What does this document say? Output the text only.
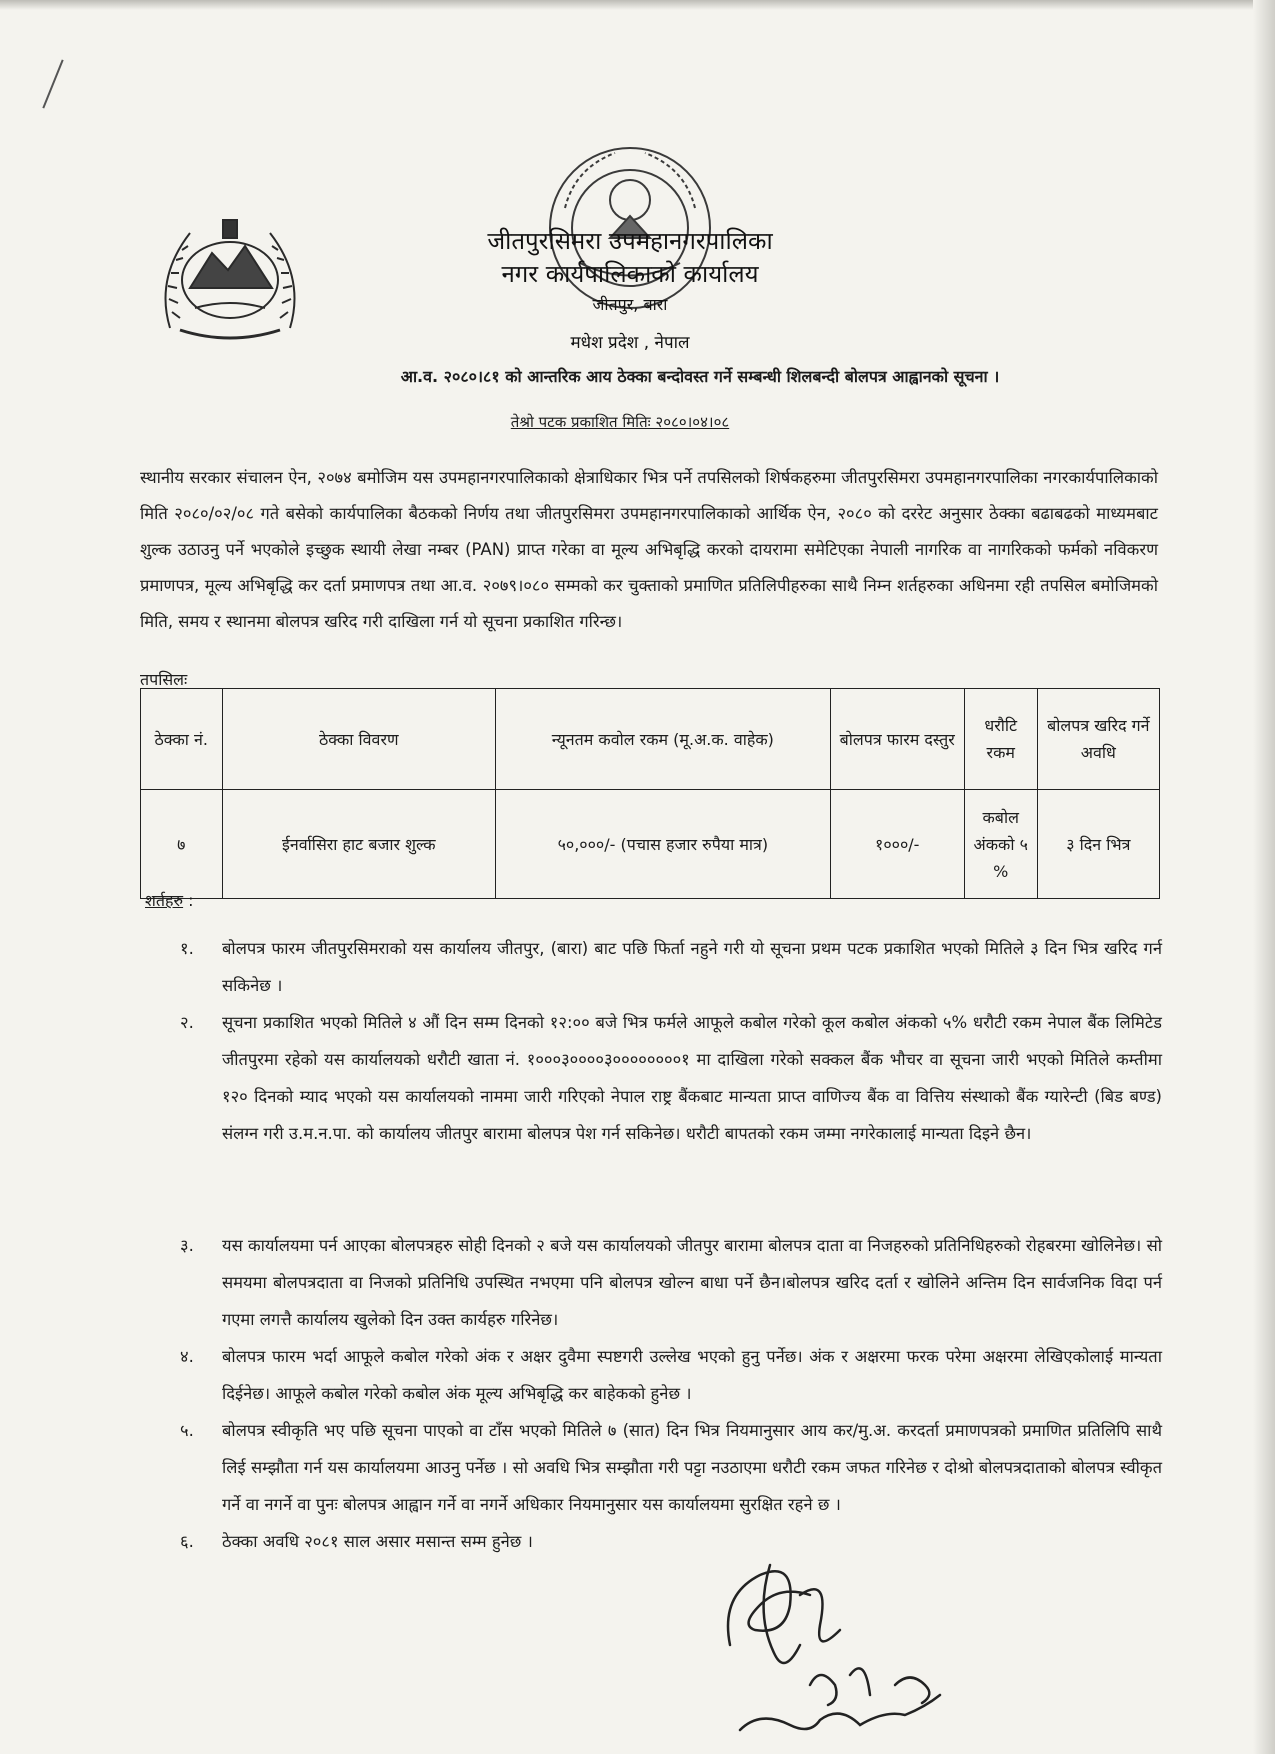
जीतपुरसिमरा उपमहानगरपालिका
नगर कार्यपालिकाको कार्यालय
जीतपुर, बारा
मधेश प्रदेश , नेपाल
आ.व. २०८०।८१ को आन्तरिक आय ठेक्का बन्दोवस्त गर्ने सम्बन्धी शिलबन्दी बोलपत्र आह्वानको सूचना ।
तेश्रो पटक प्रकाशित मितिः २०८०।०४।०८
स्थानीय सरकार संचालन ऐन, २०७४ बमोजिम यस उपमहानगरपालिकाको क्षेत्राधिकार भित्र पर्ने तपसिलको शिर्षकहरुमा जीतपुरसिमरा उपमहानगरपालिका नगरकार्यपालिकाको मिति २०८०/०२/०८ गते बसेको कार्यपालिका बैठकको निर्णय तथा जीतपुरसिमरा उपमहानगरपालिकाको आर्थिक ऐन, २०८० को दररेट अनुसार ठेक्का बढाबढको माध्यमबाट शुल्क उठाउनु पर्ने भएकोले इच्छुक स्थायी लेखा नम्बर (PAN) प्राप्त गरेका वा मूल्य अभिबृद्धि करको दायरामा समेटिएका नेपाली नागरिक वा नागरिकको फर्मको नविकरण प्रमाणपत्र, मूल्य अभिबृद्धि कर दर्ता प्रमाणपत्र तथा आ.व. २०७९।०८० सम्मको कर चुक्ताको प्रमाणित प्रतिलिपीहरुका साथै निम्न शर्तहरुका अधिनमा रही तपसिल बमोजिमको मिति, समय र स्थानमा बोलपत्र खरिद गरी दाखिला गर्न यो सूचना प्रकाशित गरिन्छ।
तपसिलः
ठेक्का नं.	ठेक्का विवरण	न्यूनतम कवोल रकम (मू.अ.क. वाहेक)	बोलपत्र फारम दस्तुर	धरौटि रकम	बोलपत्र खरिद गर्ने अवधि
७	ईनर्वासिरा हाट बजार शुल्क	५०,०००/- (पचास हजार रुपैया मात्र)	१०००/-	कबोल अंकको ५ %	३ दिन भित्र
शर्तहरु :
१.	बोलपत्र फारम जीतपुरसिमराको यस कार्यालय जीतपुर, (बारा) बाट पछि फिर्ता नहुने गरी यो सूचना प्रथम पटक प्रकाशित भएको मितिले ३ दिन भित्र खरिद गर्न सकिनेछ ।
२.	सूचना प्रकाशित भएको मितिले ४ औं दिन सम्म दिनको १२:०० बजे भित्र फर्मले आफूले कबोल गरेको कूल कबोल अंकको ५% धरौटी रकम नेपाल बैंक लिमिटेड जीतपुरमा रहेको यस कार्यालयको धरौटी खाता नं. १०००३००००३००००००००१ मा दाखिला गरेको सक्कल बैंक भौचर वा सूचना जारी भएको मितिले कम्तीमा १२० दिनको म्याद भएको यस कार्यालयको नाममा जारी गरिएको नेपाल राष्ट्र बैंकबाट मान्यता प्राप्त वाणिज्य बैंक वा वित्तिय संस्थाको बैंक ग्यारेन्टी (बिड बण्ड) संलग्न गरी उ.म.न.पा. को कार्यालय जीतपुर बारामा बोलपत्र पेश गर्न सकिनेछ। धरौटी बापतको रकम जम्मा नगरेकालाई मान्यता दिइने छैन।
३.	यस कार्यालयमा पर्न आएका बोलपत्रहरु सोही दिनको २ बजे यस कार्यालयको जीतपुर बारामा बोलपत्र दाता वा निजहरुको प्रतिनिधिहरुको रोहबरमा खोलिनेछ। सो समयमा बोलपत्रदाता वा निजको प्रतिनिधि उपस्थित नभएमा पनि बोलपत्र खोल्न बाधा पर्ने छैन।बोलपत्र खरिद दर्ता र खोलिने अन्तिम दिन सार्वजनिक विदा पर्न गएमा लगत्तै कार्यालय खुलेको दिन उक्त कार्यहरु गरिनेछ।
४.	बोलपत्र फारम भर्दा आफूले कबोल गरेको अंक र अक्षर दुवैमा स्पष्टगरी उल्लेख भएको हुनु पर्नेछ। अंक र अक्षरमा फरक परेमा अक्षरमा लेखिएकोलाई मान्यता दिईनेछ। आफूले कबोल गरेको कबोल अंक मूल्य अभिबृद्धि कर बाहेकको हुनेछ ।
५.	बोलपत्र स्वीकृति भए पछि सूचना पाएको वा टाँस भएको मितिले ७ (सात) दिन भित्र नियमानुसार आय कर/मु.अ. करदर्ता प्रमाणपत्रको प्रमाणित प्रतिलिपि साथै लिई सम्झौता गर्न यस कार्यालयमा आउनु पर्नेछ । सो अवधि भित्र सम्झौता गरी पट्टा नउठाएमा धरौटी रकम जफत गरिनेछ र दोश्रो बोलपत्रदाताको बोलपत्र स्वीकृत गर्ने वा नगर्ने वा पुनः बोलपत्र आह्वान गर्ने वा नगर्ने अधिकार नियमानुसार यस कार्यालयमा सुरक्षित रहने छ ।
६.	ठेक्का अवधि २०८१ साल असार मसान्त सम्म हुनेछ ।
